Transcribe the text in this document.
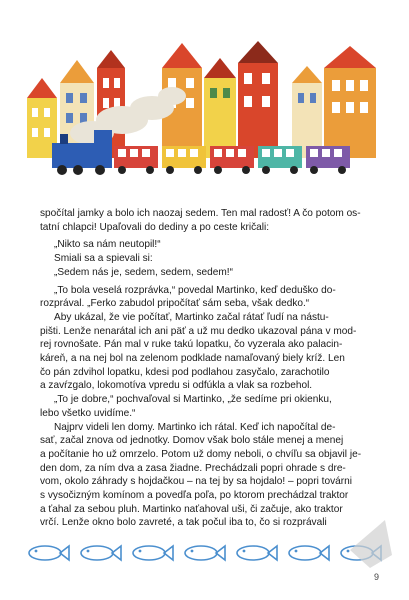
spočítal jamky a bolo ich naozaj sedem. Ten mal radosť! A čo potom os-

tatní chlapci! Upaľovali do dediny a po ceste kričali:

„Nikto sa nám neutopil!“

Smiali sa a spievali si:

„Sedem nás je, sedem, sedem, sedem!“

„To bola veselá rozprávka,“ povedal Martinko, keď deduško do-

rozprával. „Ferko zabudol pripočítať sám seba, však dedko.“

Aby ukázal, že vie počítať, Martinko začal rátať ľudí na nástu-

pišti. Lenže nenarátal ich ani päť a už mu dedko ukazoval pána v mod-

rej rovnošate. Pán mal v ruke takú lopatku, čo vyzerala ako palacin-

káreň, a na nej bol na zelenom podklade namaľovaný biely kríž. Len

čo pán zdvihol lopatku, kdesi pod podlahou zasyčalo, zarachotilo

a zavŕzgalo, lokomotíva vpredu si odfúkla a vlak sa rozbehol.

„To je dobre,“ pochvaľoval si Martinko, „že sedíme pri okienku,

lebo všetko uvidíme.“

Najprv videli len domy. Martinko ich rátal. Keď ich napočítal de-

sať, začal znova od jednotky. Domov však bolo stále menej a menej

a počítanie ho už omrzelo. Potom už domy neboli, o chvíľu sa objavil je-

den dom, za ním dva a zasa žiadne. Prechádzali popri ohrade s dre-

vom, okolo záhrady s hojdačkou – na tej by sa hojdalo! – popri továrni

s vysočizným komínom a povedľa poľa, po ktorom prechádzal traktor

a ťahal za sebou pluh. Martinko naťahoval uši, či začuje, ako traktor

vrčí. Lenže okno bolo zavreté, a tak počul iba to, čo si rozprávali

9
